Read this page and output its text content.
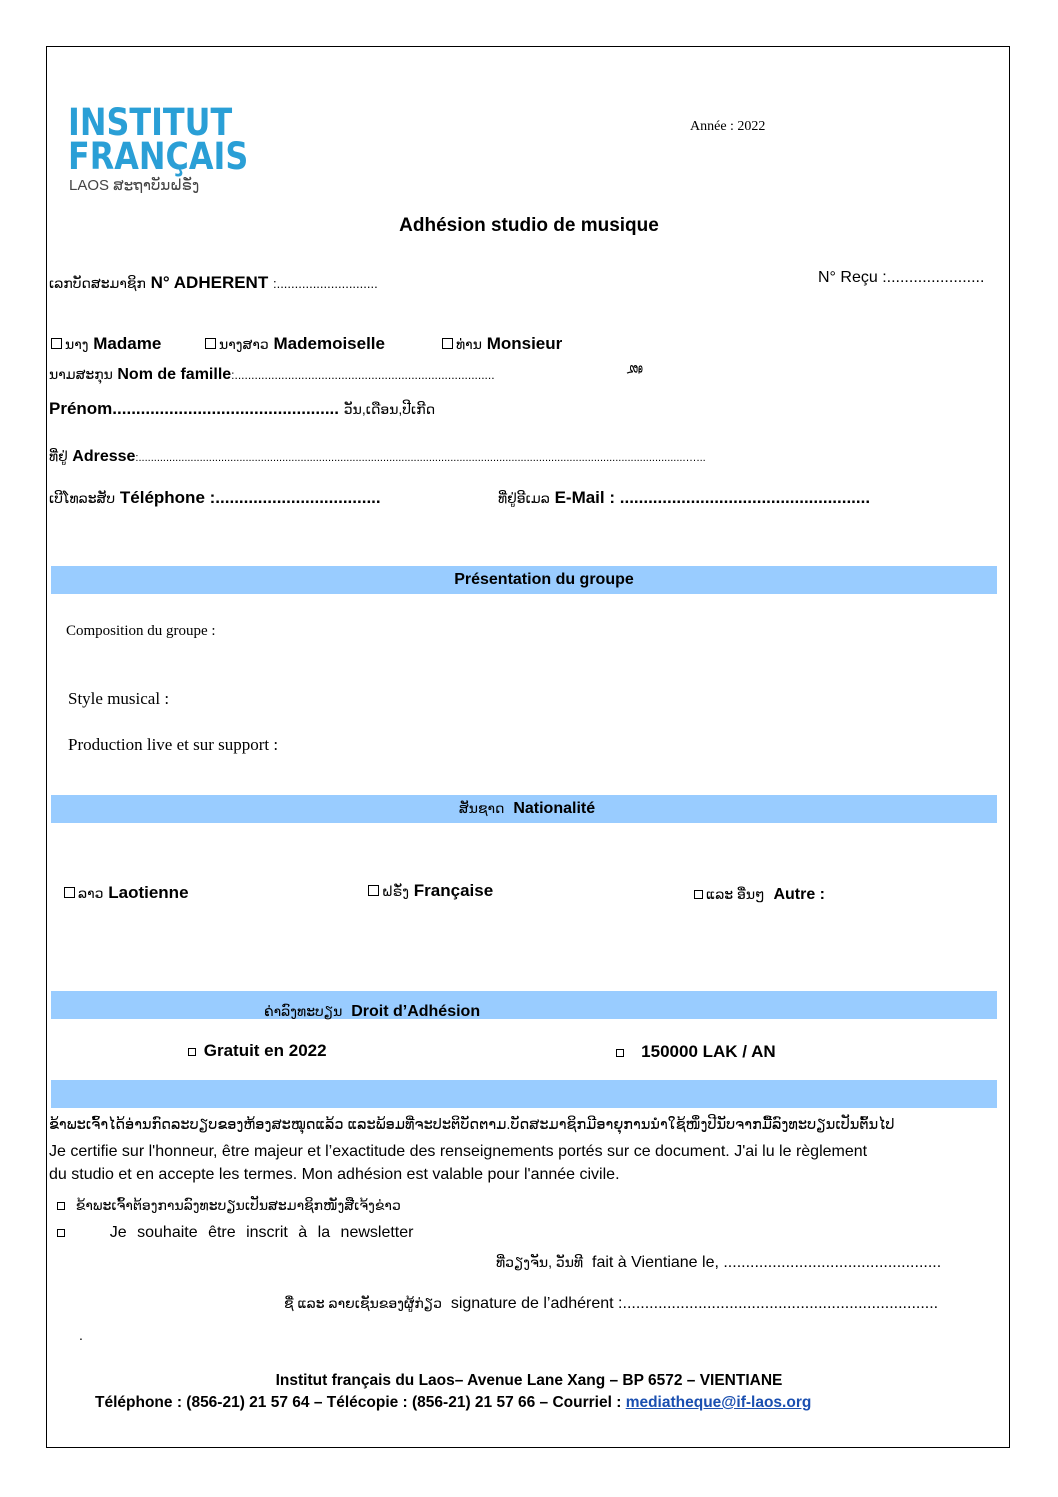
INSTITUT
FRANÇAIS
LAOS ສະຖາບັນຝຣັ່ງ
Année : 2022
Adhésion studio de musique
ເລກບັດສະມາຊິກ N° ADHERENT :............................	N° Reçu :......................
ນາງ Madame	ນາງສາວ Mademoiselle	ທ່ານ Monsieur
ນາມສະກຸນ Nom de famille:..............................................................................	ຊື່
Prénom................................................ ວັນ,ເດືອນ,ປີເກີດ
ທີ່ຢູ່ Adresse:...................................................................................................................................................................................…...
ເບີໂທລະສັບ Téléphone :...................................	ທີ່ຢູ່ອີເມລ E-Mail : .....................................................
Présentation du groupe
Composition du groupe :
Style musical :
Production live et sur support :
ສັນຊາດ Nationalité
ລາວ Laotienne	ຝຣັ່ງ Française	ແລະ ອື່ນໆ Autre :
ຄ່າລົງທະບຽນ Droit d’Adhésion
Gratuit en 2022	150000 LAK / AN
ຂ້າພະເຈົ້າໄດ້ອ່ານກົດລະບຽບຂອງຫ້ອງສະໝຸດແລ້ວ ແລະພ້ອມທີ່ຈະປະຕິບັດຕາມ.ບັດສະມາຊິກມີອາຍຸການນຳໃຊ້ໜຶ່ງປີນັບຈາກມື້ລົງທະບຽນເປັນຕົ້ນໄປ
Je certifie sur l'honneur, être majeur et l’exactitude des renseignements portés sur ce document. J'ai lu le règlement
du studio et en accepte les termes. Mon adhésion est valable pour l'année civile.
ຂ້າພະເຈົ້າຕ້ອງການລົງທະບຽນເປັນສະມາຊິກໜັງສືເຈ້ງຂ່າວ
Je souhaite être inscrit à la newsletter
ທີ່ວຽງຈັນ, ວັນທີ fait à Vientiane le, .................................................
ຊື່ ແລະ ລາຍເຊັນຂອງຜູ້ກ່ຽວ signature de l’adhérent :.......................................................................
.
Institut français du Laos– Avenue Lane Xang – BP 6572 – VIENTIANE
Téléphone : (856-21) 21 57 64 – Télécopie : (856-21) 21 57 66 – Courriel : mediatheque@if-laos.org
